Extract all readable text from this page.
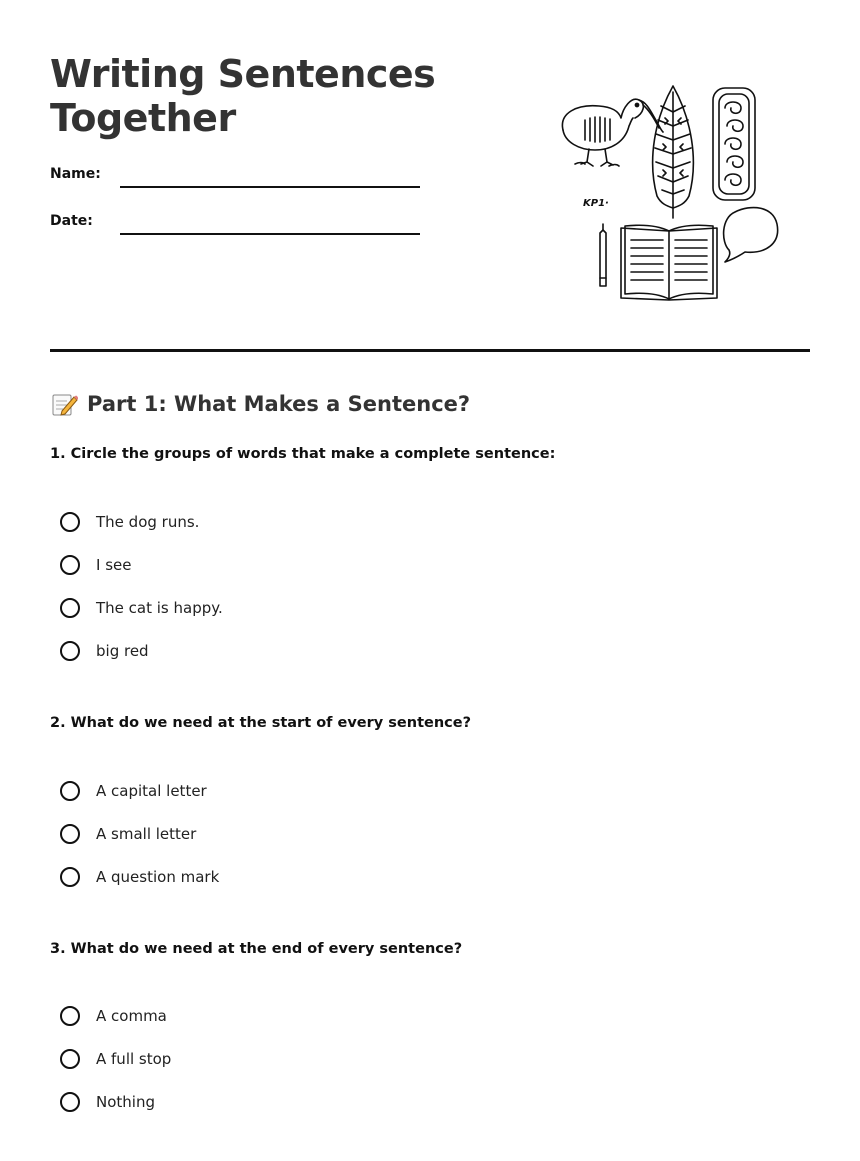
Writing Sentences
Together
Name:
Date:
KP1·
Part 1: What Makes a Sentence?

1. Circle the groups of words that make a complete sentence:

The dog runs.
I see
The cat is happy.
big red

2. What do we need at the start of every sentence?

A capital letter
A small letter
A question mark

3. What do we need at the end of every sentence?

A comma
A full stop
Nothing
